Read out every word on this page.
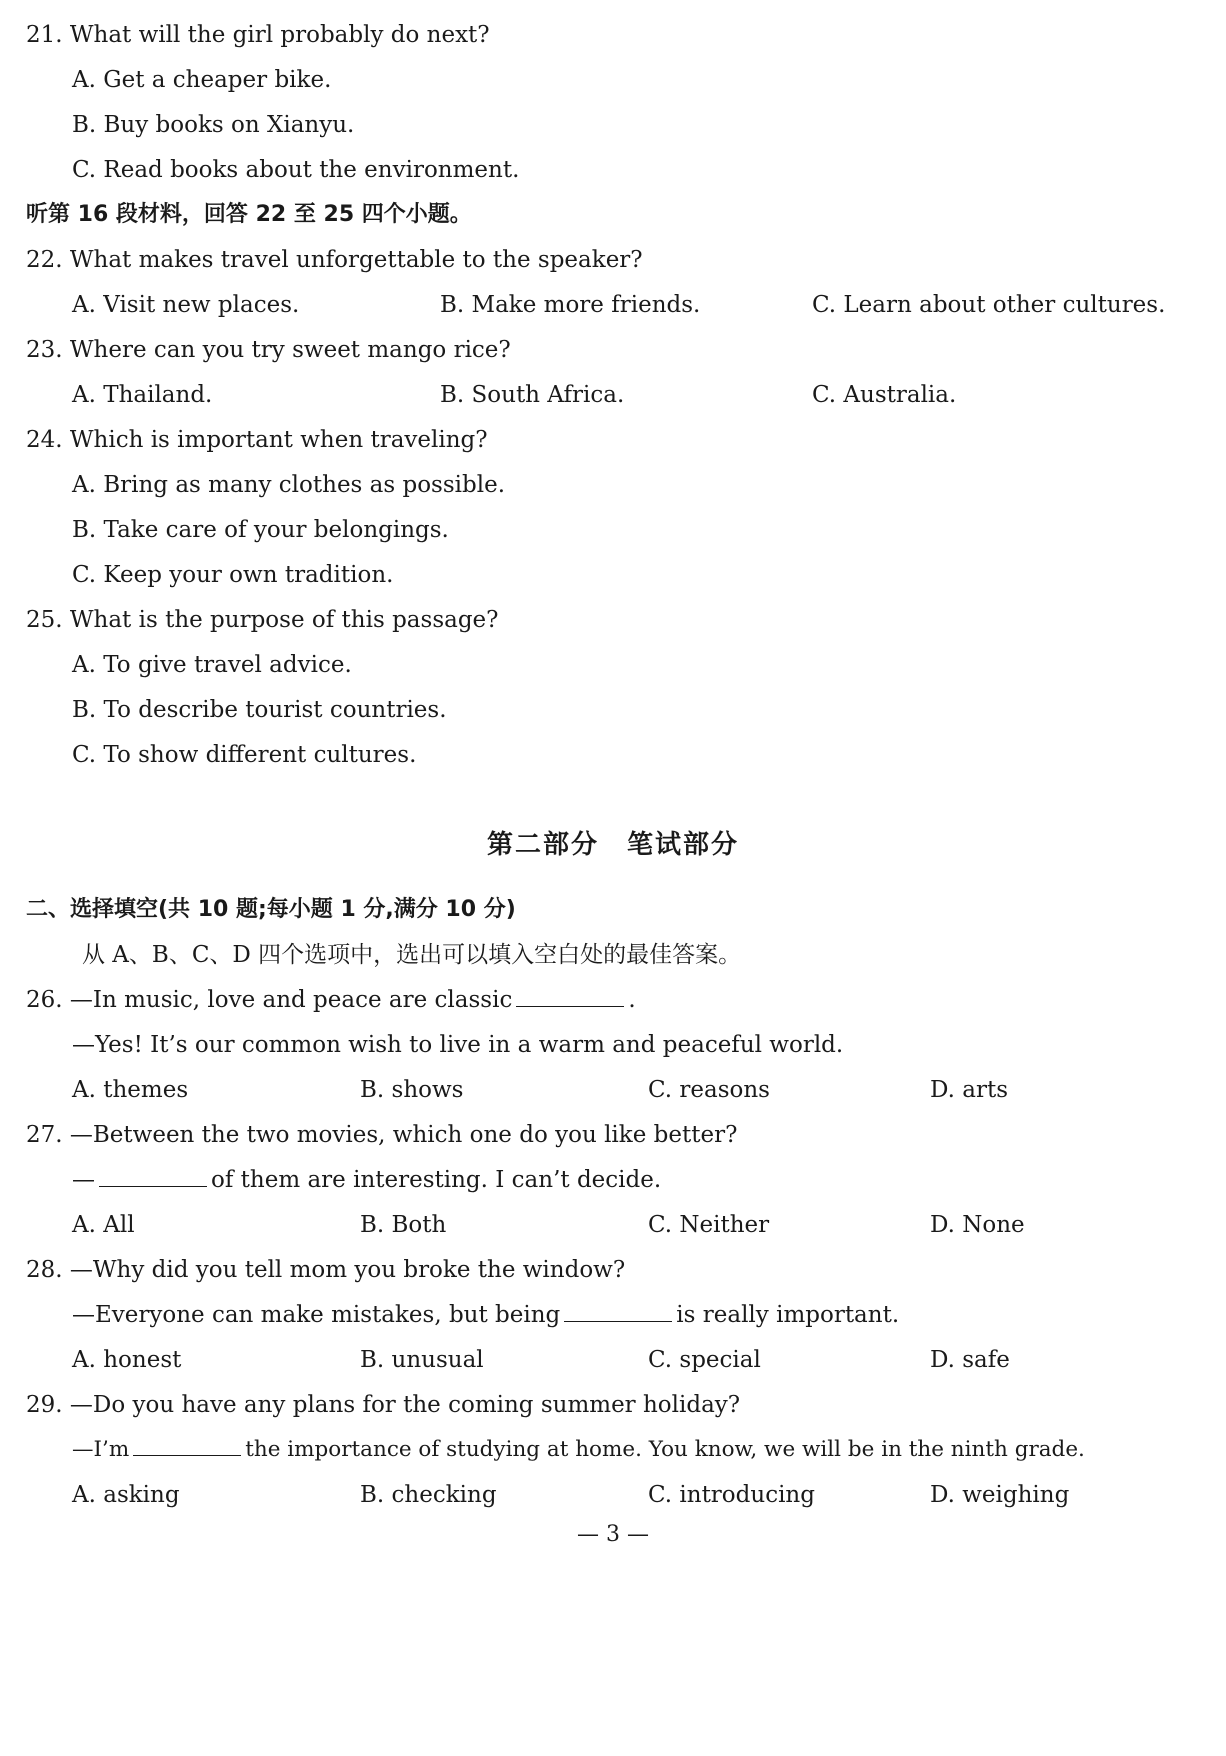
21. What will the girl probably do next?
A. Get a cheaper bike.
B. Buy books on Xianyu.
C. Read books about the environment.
听第 16 段材料，回答 22 至 25 四个小题。
22. What makes travel unforgettable to the speaker?
A. Visit new places.	B. Make more friends.	C. Learn about other cultures.
23. Where can you try sweet mango rice?
A. Thailand.	B. South Africa.	C. Australia.
24. Which is important when traveling?
A. Bring as many clothes as possible.
B. Take care of your belongings.
C. Keep your own tradition.
25. What is the purpose of this passage?
A. To give travel advice.
B. To describe tourist countries.
C. To show different cultures.
第二部分　笔试部分
二、选择填空(共 10 题;每小题 1 分,满分 10 分)
从 A、B、C、D 四个选项中，选出可以填入空白处的最佳答案。
26. —In music, love and peace are classic	.
—Yes! It’s our common wish to live in a warm and peaceful world.
A. themes	B. shows	C. reasons	D. arts
27. —Between the two movies, which one do you like better?
—	of them are interesting. I can’t decide.
A. All	B. Both	C. Neither	D. None
28. —Why did you tell mom you broke the window?
—Everyone can make mistakes, but being	is really important.
A. honest	B. unusual	C. special	D. safe
29. —Do you have any plans for the coming summer holiday?
—I’m	the importance of studying at home. You know, we will be in the ninth grade.
A. asking	B. checking	C. introducing	D. weighing
— 3 —
